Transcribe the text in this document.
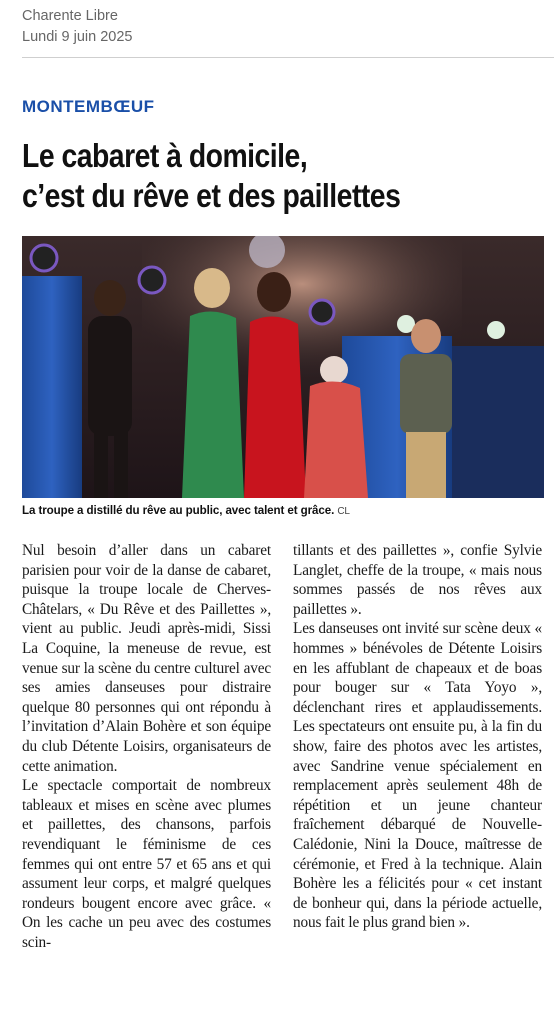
Charente Libre
Lundi 9 juin 2025
MONTEMBŒUF
Le cabaret à domicile,
c’est du rêve et des paillettes
La troupe a distillé du rêve au public, avec talent et grâce. CL

Nul besoin d’aller dans un cabaret parisien pour voir de la danse de cabaret, puisque la troupe locale de Cherves-Châtelars, « Du Rêve et des Paillettes », vient au public. Jeudi après-midi, Sissi La Coquine, la meneuse de revue, est venue sur la scène du centre culturel avec ses amies danseuses pour distraire quelque 80 personnes qui ont répondu à l’invitation d’Alain Bohère et son équipe du club Détente Loisirs, organisateurs de cette animation.

Le spectacle comportait de nombreux tableaux et mises en scène avec plumes et paillettes, des chansons, parfois revendiquant le féminisme de ces femmes qui ont entre 57 et 65 ans et qui assument leur corps, et malgré quelques rondeurs bougent encore avec grâce. « On les cache un peu avec des costumes scin-

tillants et des paillettes », confie Sylvie Langlet, cheffe de la troupe, « mais nous sommes passés de nos rêves aux paillettes ».

Les danseuses ont invité sur scène deux « hommes » bénévoles de Détente Loisirs en les affublant de chapeaux et de boas pour bouger sur « Tata Yoyo », déclenchant rires et applaudissements. Les spectateurs ont ensuite pu, à la fin du show, faire des photos avec les artistes, avec Sandrine venue spécialement en remplacement après seulement 48h de répétition et un jeune chanteur fraîchement débarqué de Nouvelle-Calédonie, Nini la Douce, maîtresse de cérémonie, et Fred à la technique. Alain Bohère les a félicités pour « cet instant de bonheur qui, dans la période actuelle, nous fait le plus grand bien ».
